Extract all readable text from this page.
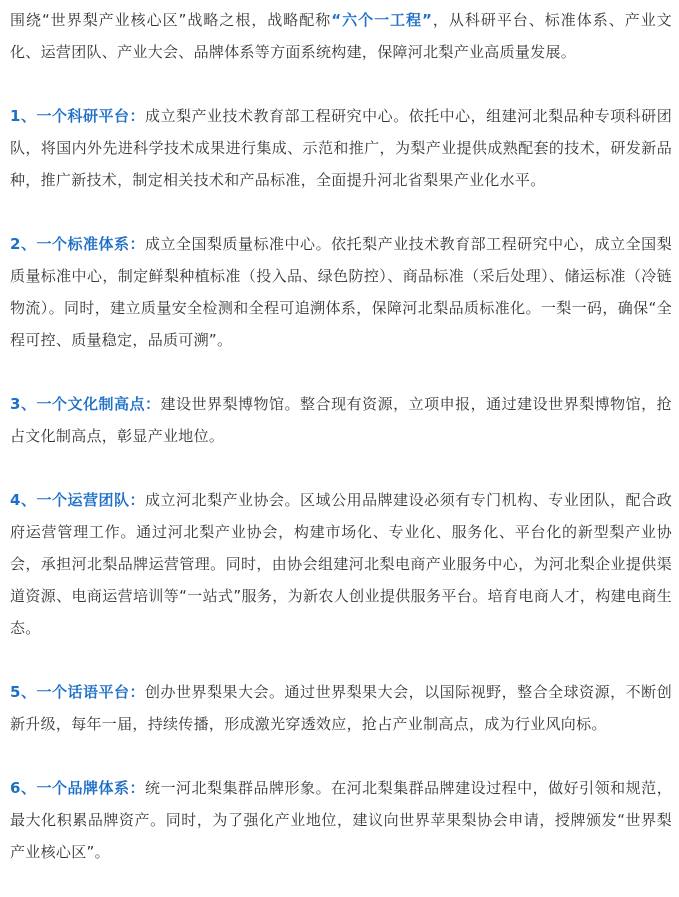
围绕“世界梨产业核心区”战略之根，战略配称“六个一工程”，从科研平台、标准体系、产业文化、运营团队、产业大会、品牌体系等方面系统构建，保障河北梨产业高质量发展。

1、一个科研平台：成立梨产业技术教育部工程研究中心。依托中心，组建河北梨品种专项科研团队，将国内外先进科学技术成果进行集成、示范和推广，为梨产业提供成熟配套的技术，研发新品种，推广新技术，制定相关技术和产品标准，全面提升河北省梨果产业化水平。

2、一个标准体系：成立全国梨质量标准中心。依托梨产业技术教育部工程研究中心，成立全国梨质量标准中心，制定鲜梨种植标准（投入品、绿色防控）、商品标准（采后处理）、储运标准（冷链物流）。同时，建立质量安全检测和全程可追溯体系，保障河北梨品质标准化。一梨一码，确保“全程可控、质量稳定，品质可溯”。

3、一个文化制高点：建设世界梨博物馆。整合现有资源，立项申报，通过建设世界梨博物馆，抢占文化制高点，彰显产业地位。

4、一个运营团队：成立河北梨产业协会。区域公用品牌建设必须有专门机构、专业团队，配合政府运营管理工作。通过河北梨产业协会，构建市场化、专业化、服务化、平台化的新型梨产业协会，承担河北梨品牌运营管理。同时，由协会组建河北梨电商产业服务中心，为河北梨企业提供渠道资源、电商运营培训等“一站式”服务，为新农人创业提供服务平台。培育电商人才，构建电商生态。

5、一个话语平台：创办世界梨果大会。通过世界梨果大会，以国际视野，整合全球资源，不断创新升级，每年一届，持续传播，形成激光穿透效应，抢占产业制高点，成为行业风向标。

6、一个品牌体系：统一河北梨集群品牌形象。在河北梨集群品牌建设过程中，做好引领和规范，最大化积累品牌资产。同时，为了强化产业地位，建议向世界苹果梨协会申请，授牌颁发“世界梨产业核心区”。
